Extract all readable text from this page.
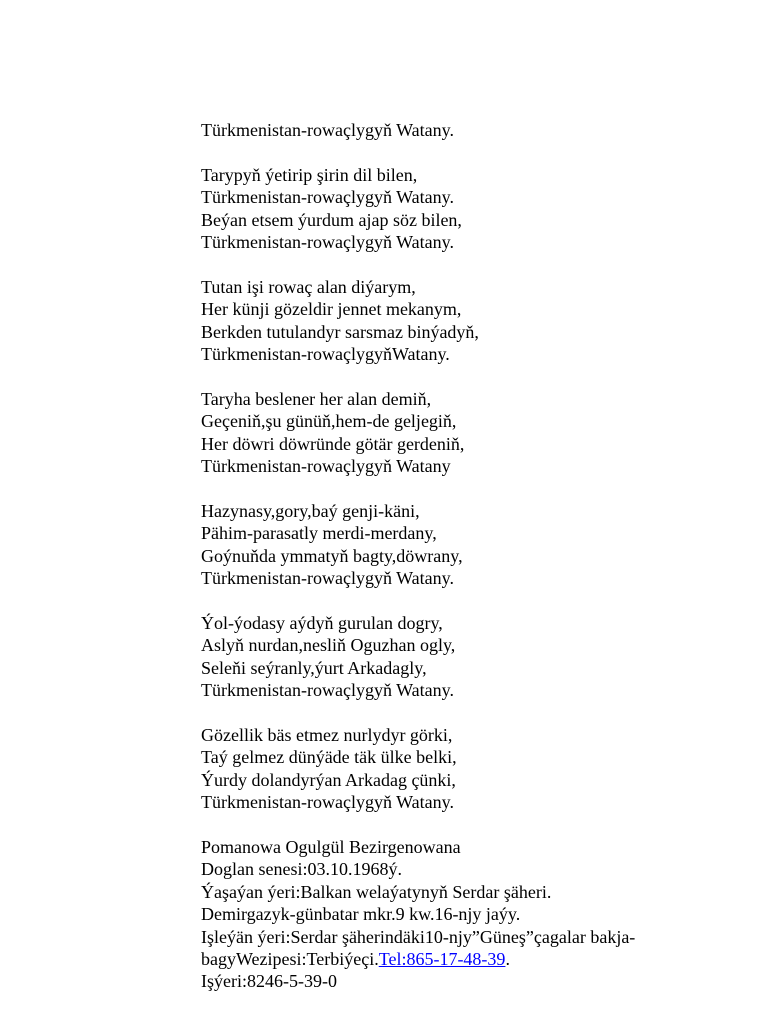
Türkmenistan-rowaçlygyň Watany.
Tarypyň ýetirip şirin dil bilen,
Türkmenistan-rowaçlygyň Watany.
Beýan etsem ýurdum ajap söz bilen,
Türkmenistan-rowaçlygyň Watany.
Tutan işi rowaç alan diýarym,
Her künji gözeldir jennet mekanym,
Berkden tutulandyr sarsmaz binýadyň,
Türkmenistan-rowaçlygyňWatany.
Taryha beslener her alan demiň,
Geçeniň,şu günüň,hem-de geljegiň,
Her döwri döwründe götär gerdeniň,
Türkmenistan-rowaçlygyň Watany
Hazynasy,gory,baý genji-käni,
Pähim-parasatly merdi-merdany,
Goýnuňda ymmatyň bagty,döwrany,
Türkmenistan-rowaçlygyň Watany.
Ýol-ýodasy aýdyň gurulan dogry,
Aslyň nurdan,nesliň Oguzhan ogly,
Seleňi seýranly,ýurt Arkadagly,
Türkmenistan-rowaçlygyň Watany.
Gözellik bäs etmez nurlydyr görki,
Taý gelmez dünýäde täk ülke belki,
Ýurdy dolandyrýan Arkadag çünki,
Türkmenistan-rowaçlygyň Watany.
Pomanowa Ogulgül Bezirgenowana
Doglan senesi:03.10.1968ý.
Ýaşaýan ýeri:Balkan welaýatynyň Serdar şäheri.
Demirgazyk-günbatar mkr.9 kw.16-njy jaýy.
Işleýän ýeri:Serdar şäherindäki10-njy”Güneş”çagalar bakja-
bagyWezipesi:Terbiýeçi.Tel:865-17-48-39.
Işýeri:8246-5-39-0
